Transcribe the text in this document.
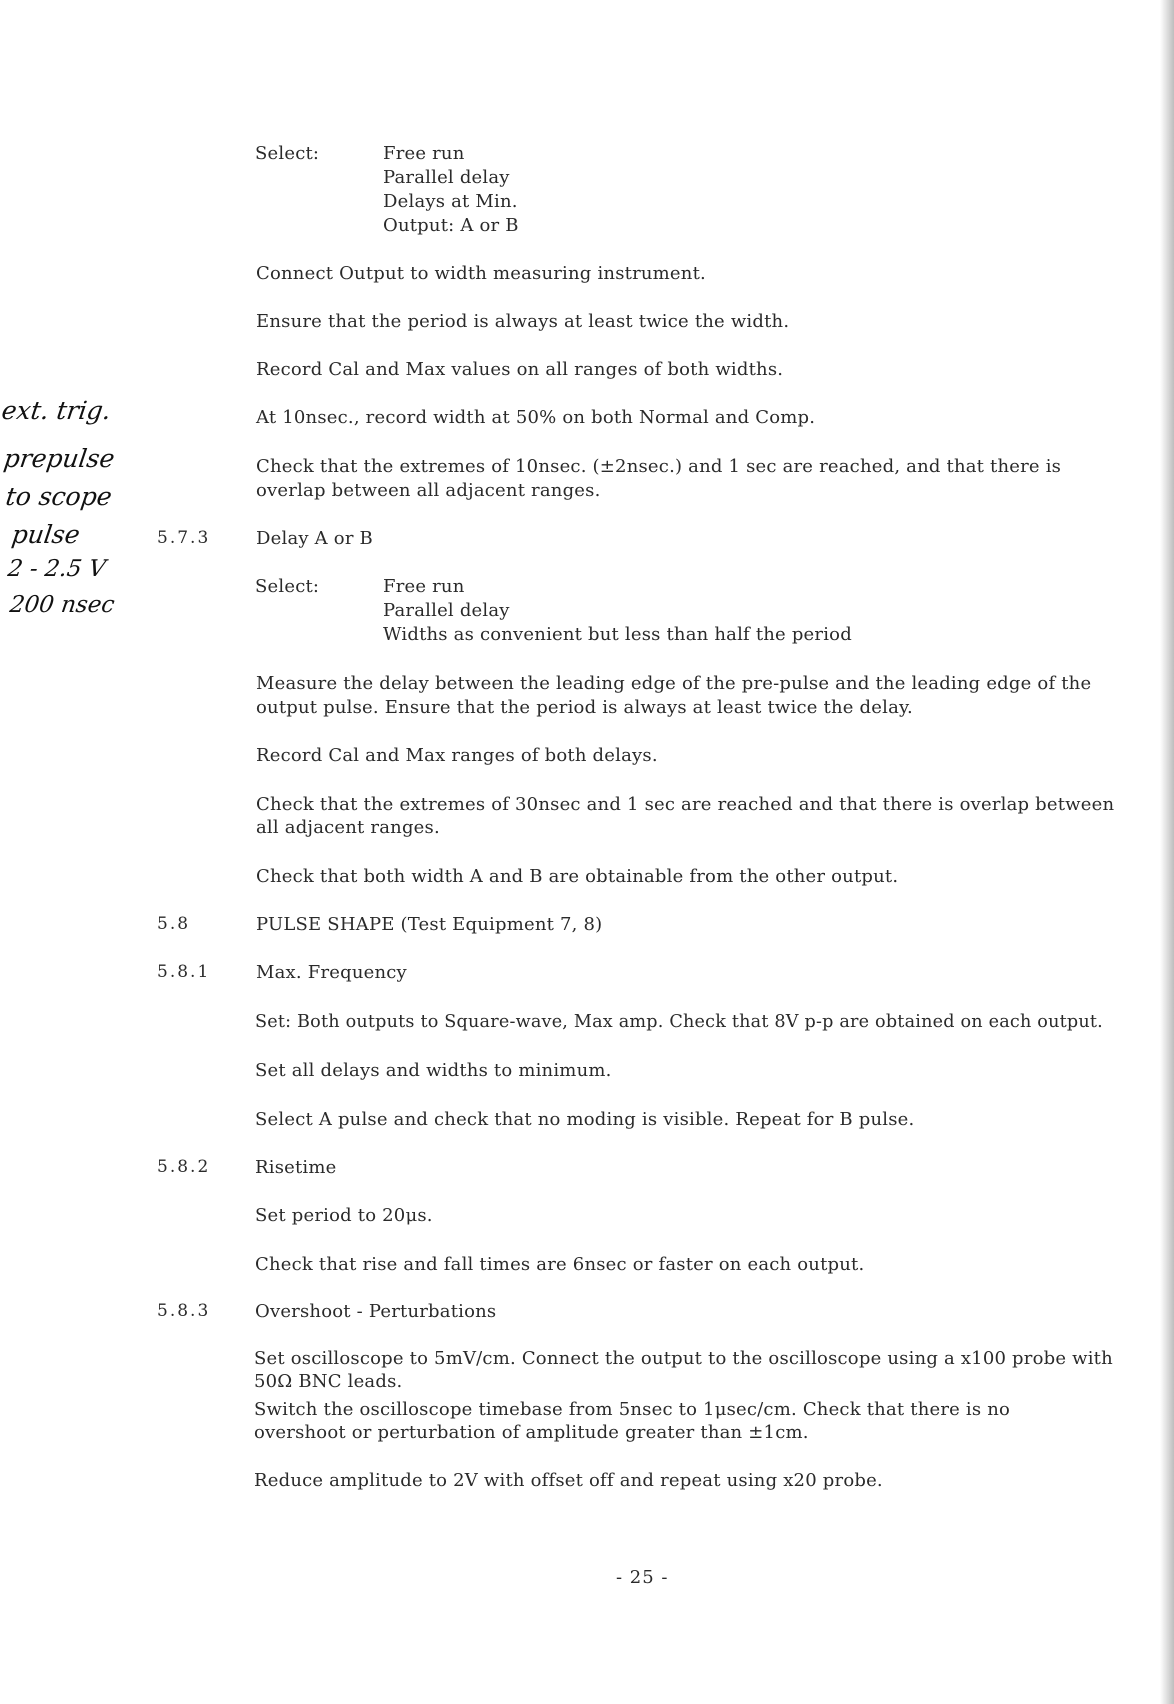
Select:	Free run
Parallel delay
Delays at Min.
Output: A or B
Connect Output to width measuring instrument.
Ensure that the period is always at least twice the width.
Record Cal and Max values on all ranges of both widths.
At 10nsec., record width at 50% on both Normal and Comp.
Check that the extremes of 10nsec. (±2nsec.) and 1 sec are reached, and that there is
overlap between all adjacent ranges.
5.7.3	Delay A or B
Select:	Free run
Parallel delay
Widths as convenient but less than half the period
Measure the delay between the leading edge of the pre-pulse and the leading edge of the
output pulse. Ensure that the period is always at least twice the delay.
Record Cal and Max ranges of both delays.
Check that the extremes of 30nsec and 1 sec are reached and that there is overlap between
all adjacent ranges.
Check that both width A and B are obtainable from the other output.
5.8	PULSE SHAPE (Test Equipment 7, 8)
5.8.1	Max. Frequency
Set: Both outputs to Square-wave, Max amp. Check that 8V p-p are obtained on each output.
Set all delays and widths to minimum.
Select A pulse and check that no moding is visible. Repeat for B pulse.
5.8.2 Risetime
Set period to 20μs.
Check that rise and fall times are 6nsec or faster on each output.
5.8.3 Overshoot - Perturbations
Set oscilloscope to 5mV/cm. Connect the output to the oscilloscope using a x100 probe with
50Ω BNC leads.
Switch the oscilloscope timebase from 5nsec to 1μsec/cm. Check that there is no
overshoot or perturbation of amplitude greater than ±1cm.
Reduce amplitude to 2V with offset off and repeat using x20 probe.
ext. trig.
prepulse
to scope
pulse
2 - 2.5 V
200 nsec
- 25 -
